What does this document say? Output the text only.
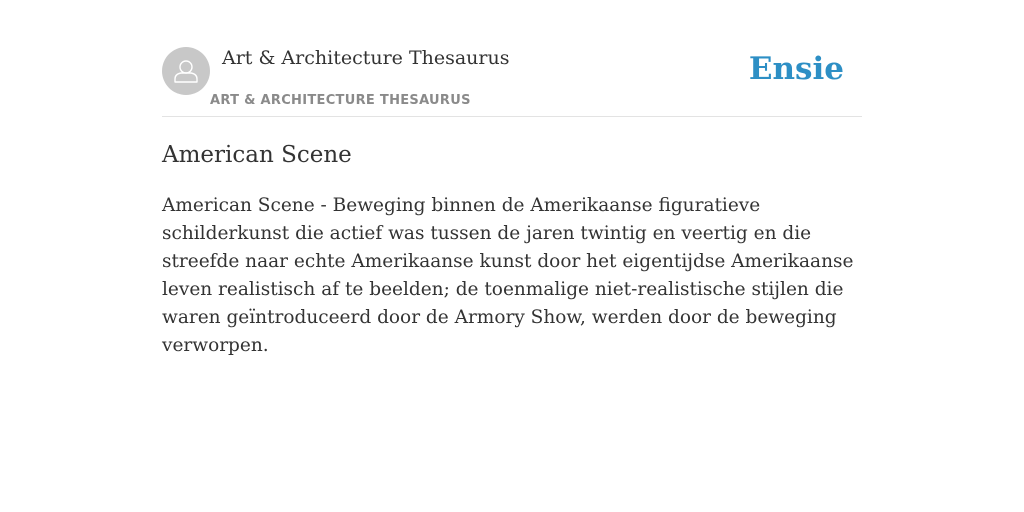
Art & Architecture Thesaurus
ART & ARCHITECTURE THESAURUS
Ensie
American Scene

American Scene - Beweging binnen de Amerikaanse figuratieve schilderkunst die actief was tussen de jaren twintig en veertig en die streefde naar echte Amerikaanse kunst door het eigentijdse Amerikaanse leven realistisch af te beelden; de toenmalige niet-realistische stijlen die waren geïntroduceerd door de Armory Show, werden door de beweging verworpen.
